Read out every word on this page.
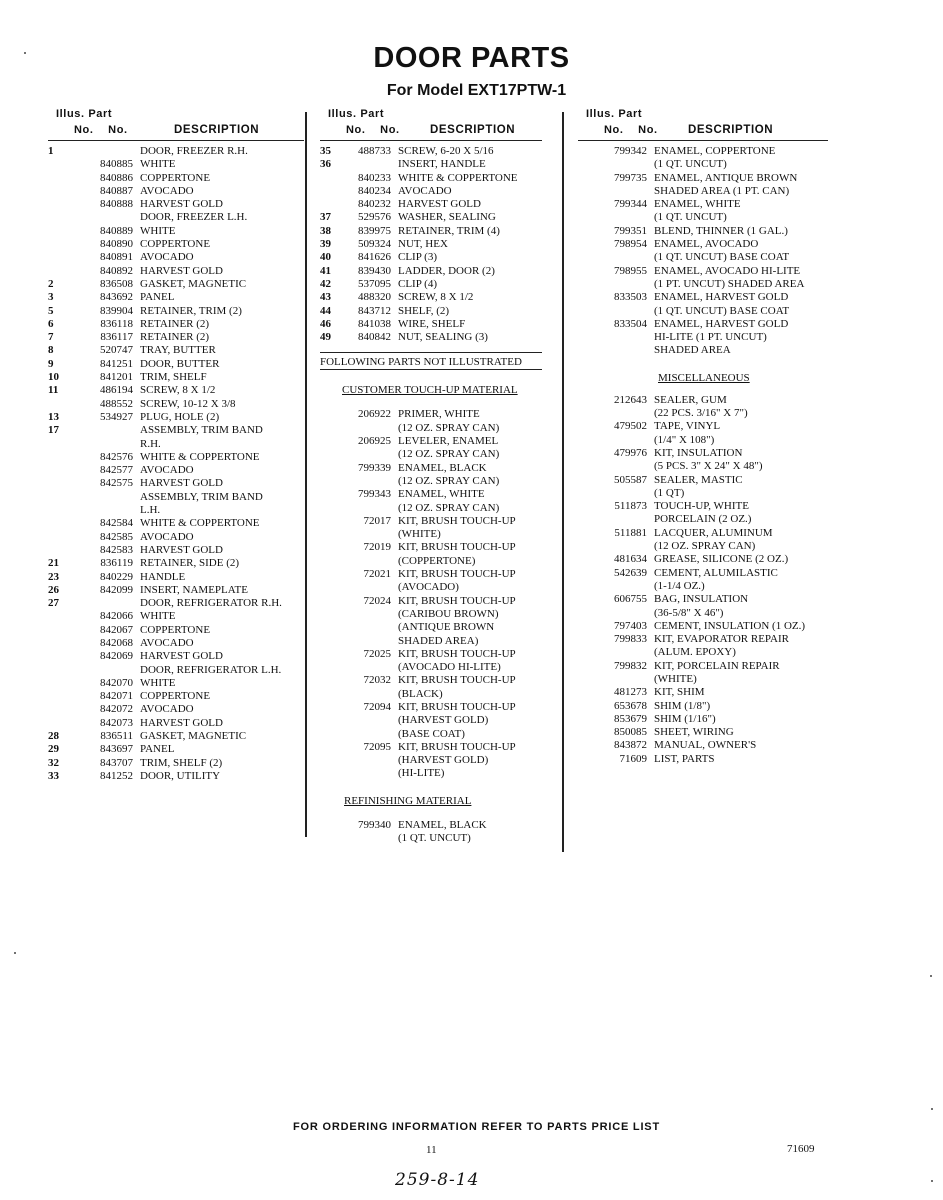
DOOR PARTS
For Model EXT17PTW-1
Illus. Part
No. No.	DESCRIPTION
1	DOOR, FREEZER R.H.
840885 WHITE
840886 COPPERTONE
840887 AVOCADO
840888 HARVEST GOLD
DOOR, FREEZER L.H.
840889 WHITE
840890 COPPERTONE
840891 AVOCADO
840892 HARVEST GOLD
2	836508 GASKET, MAGNETIC
3	843692 PANEL
5	839904 RETAINER, TRIM (2)
6	836118 RETAINER (2)
7	836117 RETAINER (2)
8	520747 TRAY, BUTTER
9	841251 DOOR, BUTTER
10	841201 TRIM, SHELF
11	486194 SCREW, 8 X 1/2
488552 SCREW, 10-12 X 3/8
13	534927 PLUG, HOLE (2)
17	ASSEMBLY, TRIM BAND
R.H.
842576 WHITE & COPPERTONE
842577 AVOCADO
842575 HARVEST GOLD
ASSEMBLY, TRIM BAND
L.H.
842584 WHITE & COPPERTONE
842585 AVOCADO
842583 HARVEST GOLD
21	836119 RETAINER, SIDE (2)
23	840229 HANDLE
26	842099 INSERT, NAMEPLATE
27	DOOR, REFRIGERATOR R.H.
842066 WHITE
842067 COPPERTONE
842068 AVOCADO
842069 HARVEST GOLD
DOOR, REFRIGERATOR L.H.
842070 WHITE
842071 COPPERTONE
842072 AVOCADO
842073 HARVEST GOLD
28	836511 GASKET, MAGNETIC
29	843697 PANEL
32	843707 TRIM, SHELF (2)
33	841252 DOOR, UTILITY
Illus. Part
No. No.	DESCRIPTION
35	488733 SCREW, 6-20 X 5/16
36	INSERT, HANDLE
840233 WHITE & COPPERTONE
840234 AVOCADO
840232 HARVEST GOLD
37	529576 WASHER, SEALING
38	839975 RETAINER, TRIM (4)
39	509324 NUT, HEX
40	841626 CLIP (3)
41	839430 LADDER, DOOR (2)
42	537095 CLIP (4)
43	488320 SCREW, 8 X 1/2
44	843712 SHELF, (2)
46	841038 WIRE, SHELF
49	840842 NUT, SEALING (3)
FOLLOWING PARTS NOT ILLUSTRATED
CUSTOMER TOUCH-UP MATERIAL
206922 PRIMER, WHITE
(12 OZ. SPRAY CAN)
206925 LEVELER, ENAMEL
(12 OZ. SPRAY CAN)
799339 ENAMEL, BLACK
(12 OZ. SPRAY CAN)
799343 ENAMEL, WHITE
(12 OZ. SPRAY CAN)
72017 KIT, BRUSH TOUCH-UP
(WHITE)
72019 KIT, BRUSH TOUCH-UP
(COPPERTONE)
72021 KIT, BRUSH TOUCH-UP
(AVOCADO)
72024 KIT, BRUSH TOUCH-UP
(CARIBOU BROWN)
(ANTIQUE BROWN
SHADED AREA)
72025 KIT, BRUSH TOUCH-UP
(AVOCADO HI-LITE)
72032 KIT, BRUSH TOUCH-UP
(BLACK)
72094 KIT, BRUSH TOUCH-UP
(HARVEST GOLD)
(BASE COAT)
72095 KIT, BRUSH TOUCH-UP
(HARVEST GOLD)
(HI-LITE)
REFINISHING MATERIAL
799340 ENAMEL, BLACK
(1 QT. UNCUT)
Illus. Part
No. No.	DESCRIPTION
799342 ENAMEL, COPPERTONE
(1 QT. UNCUT)
799735 ENAMEL, ANTIQUE BROWN
SHADED AREA (1 PT. CAN)
799344 ENAMEL, WHITE
(1 QT. UNCUT)
799351 BLEND, THINNER (1 GAL.)
798954 ENAMEL, AVOCADO
(1 QT. UNCUT) BASE COAT
798955 ENAMEL, AVOCADO HI-LITE
(1 PT. UNCUT) SHADED AREA
833503 ENAMEL, HARVEST GOLD
(1 QT. UNCUT) BASE COAT
833504 ENAMEL, HARVEST GOLD
HI-LITE (1 PT. UNCUT)
SHADED AREA
MISCELLANEOUS
212643 SEALER, GUM
(22 PCS. 3/16" X 7")
479502 TAPE, VINYL
(1/4" X 108")
479976 KIT, INSULATION
(5 PCS. 3" X 24" X 48")
505587 SEALER, MASTIC
(1 QT)
511873 TOUCH-UP, WHITE
PORCELAIN (2 OZ.)
511881 LACQUER, ALUMINUM
(12 OZ. SPRAY CAN)
481634 GREASE, SILICONE (2 OZ.)
542639 CEMENT, ALUMILASTIC
(1-1/4 OZ.)
606755 BAG, INSULATION
(36-5/8" X 46")
797403 CEMENT, INSULATION (1 OZ.)
799833 KIT, EVAPORATOR REPAIR
(ALUM. EPOXY)
799832 KIT, PORCELAIN REPAIR
(WHITE)
481273 KIT, SHIM
653678 SHIM (1/8")
853679 SHIM (1/16")
850085 SHEET, WIRING
843872 MANUAL, OWNER'S
71609 LIST, PARTS
FOR ORDERING INFORMATION REFER TO PARTS PRICE LIST
11	71609
259-8-14
